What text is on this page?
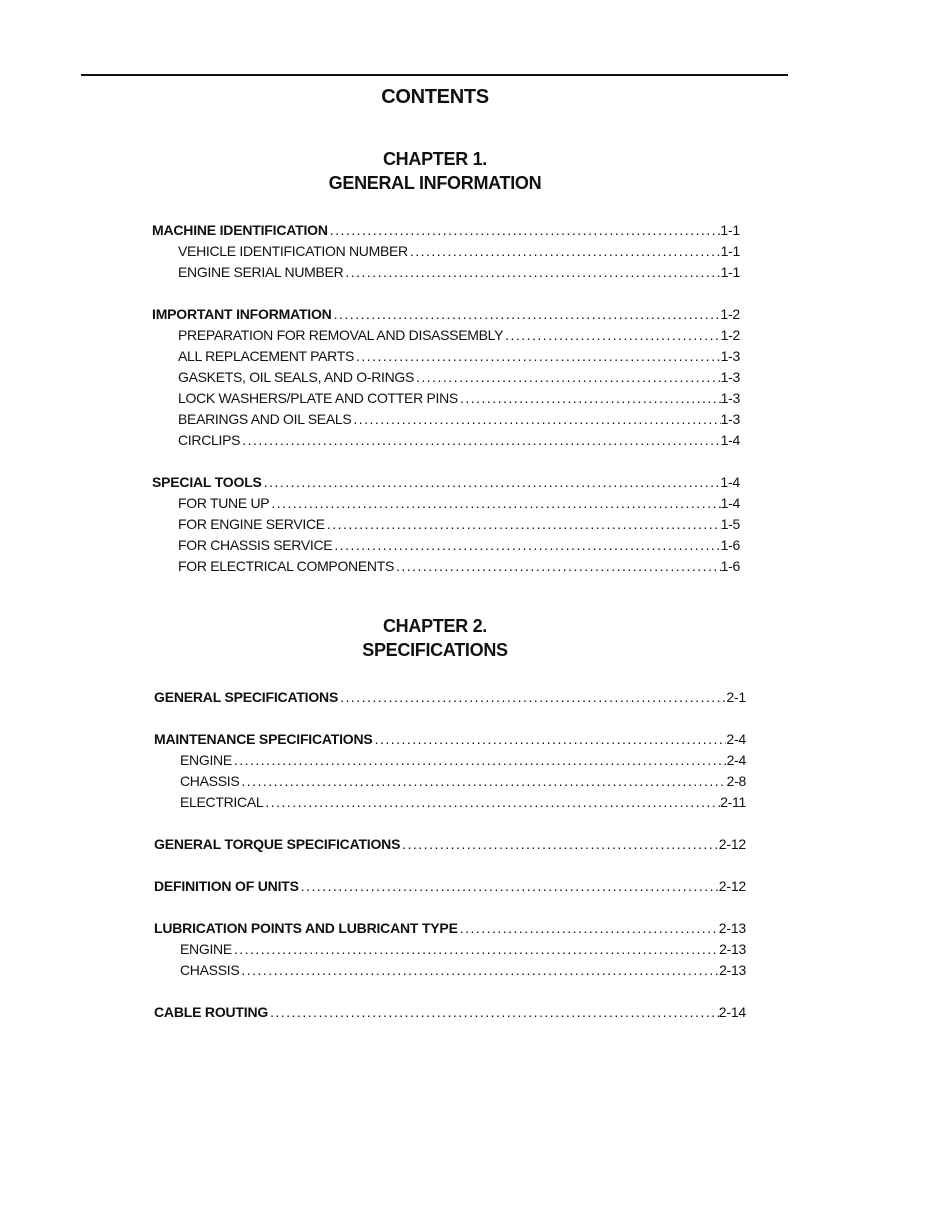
CONTENTS
CHAPTER 1.
GENERAL INFORMATION
MACHINE IDENTIFICATION . . .	1-1
VEHICLE IDENTIFICATION NUMBER . . .	1-1
ENGINE SERIAL NUMBER . . .	1-1
IMPORTANT INFORMATION . . .	1-2
PREPARATION FOR REMOVAL AND DISASSEMBLY . . .	1-2
ALL REPLACEMENT PARTS . . .	1-3
GASKETS, OIL SEALS, AND O-RINGS . . .	1-3
LOCK WASHERS/PLATE AND COTTER PINS . . .	1-3
BEARINGS AND OIL SEALS . . .	1-3
CIRCLIPS . . .	1-4
SPECIAL TOOLS . . .	1-4
FOR TUNE UP . . .	1-4
FOR ENGINE SERVICE . . .	1-5
FOR CHASSIS SERVICE . . .	1-6
FOR ELECTRICAL COMPONENTS . . .	1-6
CHAPTER 2.
SPECIFICATIONS
GENERAL SPECIFICATIONS . . .	2-1
MAINTENANCE SPECIFICATIONS . . .	2-4
ENGINE . . .	2-4
CHASSIS . . .	2-8
ELECTRICAL . . .	2-11
GENERAL TORQUE SPECIFICATIONS . . .	2-12
DEFINITION OF UNITS . . .	2-12
LUBRICATION POINTS AND LUBRICANT TYPE . . .	2-13
ENGINE . . .	2-13
CHASSIS . . .	2-13
CABLE ROUTING . . .	2-14
